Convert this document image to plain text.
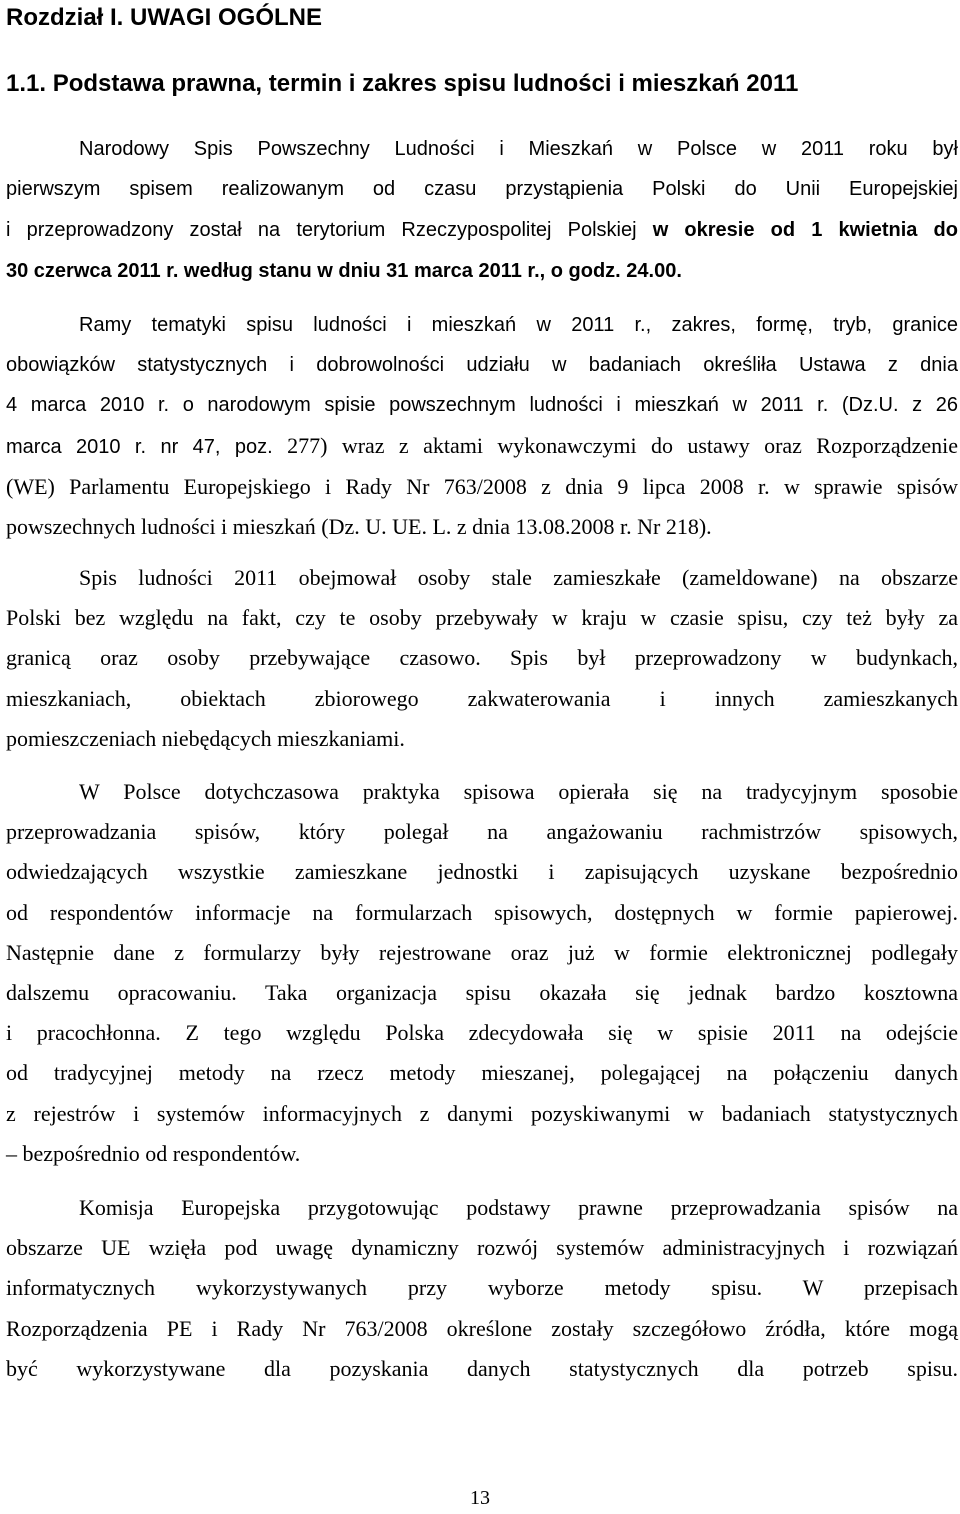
Rozdział I. UWAGI OGÓLNE
1.1. Podstawa prawna, termin i zakres spisu ludności i mieszkań 2011
Narodowy Spis Powszechny Ludności i Mieszkań w Polsce w 2011 roku był
pierwszym spisem realizowanym od czasu przystąpienia Polski do Unii Europejskiej
i przeprowadzony został na terytorium Rzeczypospolitej Polskiej w okresie od 1 kwietnia do
30 czerwca 2011 r. według stanu w dniu 31 marca 2011 r., o godz. 24.00.
Ramy tematyki spisu ludności i mieszkań w 2011 r., zakres, formę, tryb, granice
obowiązków statystycznych i dobrowolności udziału w badaniach określiła Ustawa z dnia
4 marca 2010 r. o narodowym spisie powszechnym ludności i mieszkań w 2011 r. (Dz.U. z 26
marca 2010 r. nr 47, poz. 277) wraz z aktami wykonawczymi do ustawy oraz Rozporządzenie
(WE) Parlamentu Europejskiego i Rady Nr 763/2008 z dnia 9 lipca 2008 r. w sprawie spisów
powszechnych ludności i mieszkań (Dz. U. UE. L. z dnia 13.08.2008 r. Nr 218).
Spis ludności 2011 obejmował osoby stale zamieszkałe (zameldowane) na obszarze
Polski bez względu na fakt, czy te osoby przebywały w kraju w czasie spisu, czy też były za
granicą oraz osoby przebywające czasowo. Spis był przeprowadzony w budynkach,
mieszkaniach, obiektach zbiorowego zakwaterowania i innych zamieszkanych
pomieszczeniach niebędących mieszkaniami.
W Polsce dotychczasowa praktyka spisowa opierała się na tradycyjnym sposobie
przeprowadzania spisów, który polegał na angażowaniu rachmistrzów spisowych,
odwiedzających wszystkie zamieszkane jednostki i zapisujących uzyskane bezpośrednio
od respondentów informacje na formularzach spisowych, dostępnych w formie papierowej.
Następnie dane z formularzy były rejestrowane oraz już w formie elektronicznej podlegały
dalszemu opracowaniu. Taka organizacja spisu okazała się jednak bardzo kosztowna
i pracochłonna. Z tego względu Polska zdecydowała się w spisie 2011 na odejście
od tradycyjnej metody na rzecz metody mieszanej, polegającej na połączeniu danych
z rejestrów i systemów informacyjnych z danymi pozyskiwanymi w badaniach statystycznych
– bezpośrednio od respondentów.
Komisja Europejska przygotowując podstawy prawne przeprowadzania spisów na
obszarze UE wzięła pod uwagę dynamiczny rozwój systemów administracyjnych i rozwiązań
informatycznych wykorzystywanych przy wyborze metody spisu. W przepisach
Rozporządzenia PE i Rady Nr 763/2008 określone zostały szczegółowo źródła, które mogą
być wykorzystywane dla pozyskania danych statystycznych dla potrzeb spisu.
13
